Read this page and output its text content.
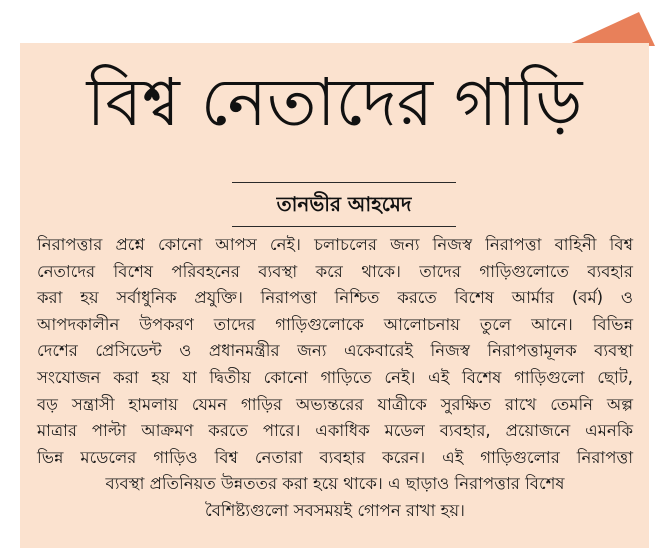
বিশ্ব নেতাদের গাড়ি
তানভীর আহমেদ
নিরাপত্তার প্রশ্নে কোনো আপস নেই। চলাচলের জন্য নিজস্ব নিরাপত্তা বাহিনী বিশ্ব
নেতাদের বিশেষ পরিবহনের ব্যবস্থা করে থাকে। তাদের গাড়িগুলোতে ব্যবহার
করা হয় সর্বাধুনিক প্রযুক্তি। নিরাপত্তা নিশ্চিত করতে বিশেষ আর্মার (বর্ম) ও
আপদকালীন উপকরণ তাদের গাড়িগুলোকে আলোচনায় তুলে আনে। বিভিন্ন
দেশের প্রেসিডেন্ট ও প্রধানমন্ত্রীর জন্য একেবারেই নিজস্ব নিরাপত্তামূলক ব্যবস্থা
সংযোজন করা হয় যা দ্বিতীয় কোনো গাড়িতে নেই। এই বিশেষ গাড়িগুলো ছোট,
বড় সন্ত্রাসী হামলায় যেমন গাড়ির অভ্যন্তরের যাত্রীকে সুরক্ষিত রাখে তেমনি অল্প
মাত্রার পাল্টা আক্রমণ করতে পারে। একাধিক মডেল ব্যবহার, প্রয়োজনে এমনকি
ভিন্ন মডেলের গাড়িও বিশ্ব নেতারা ব্যবহার করেন। এই গাড়িগুলোর নিরাপত্তা
ব্যবস্থা প্রতিনিয়ত উন্নততর করা হয়ে থাকে। এ ছাড়াও নিরাপত্তার বিশেষ
বৈশিষ্ট্যগুলো সবসময়ই গোপন রাখা হয়।
